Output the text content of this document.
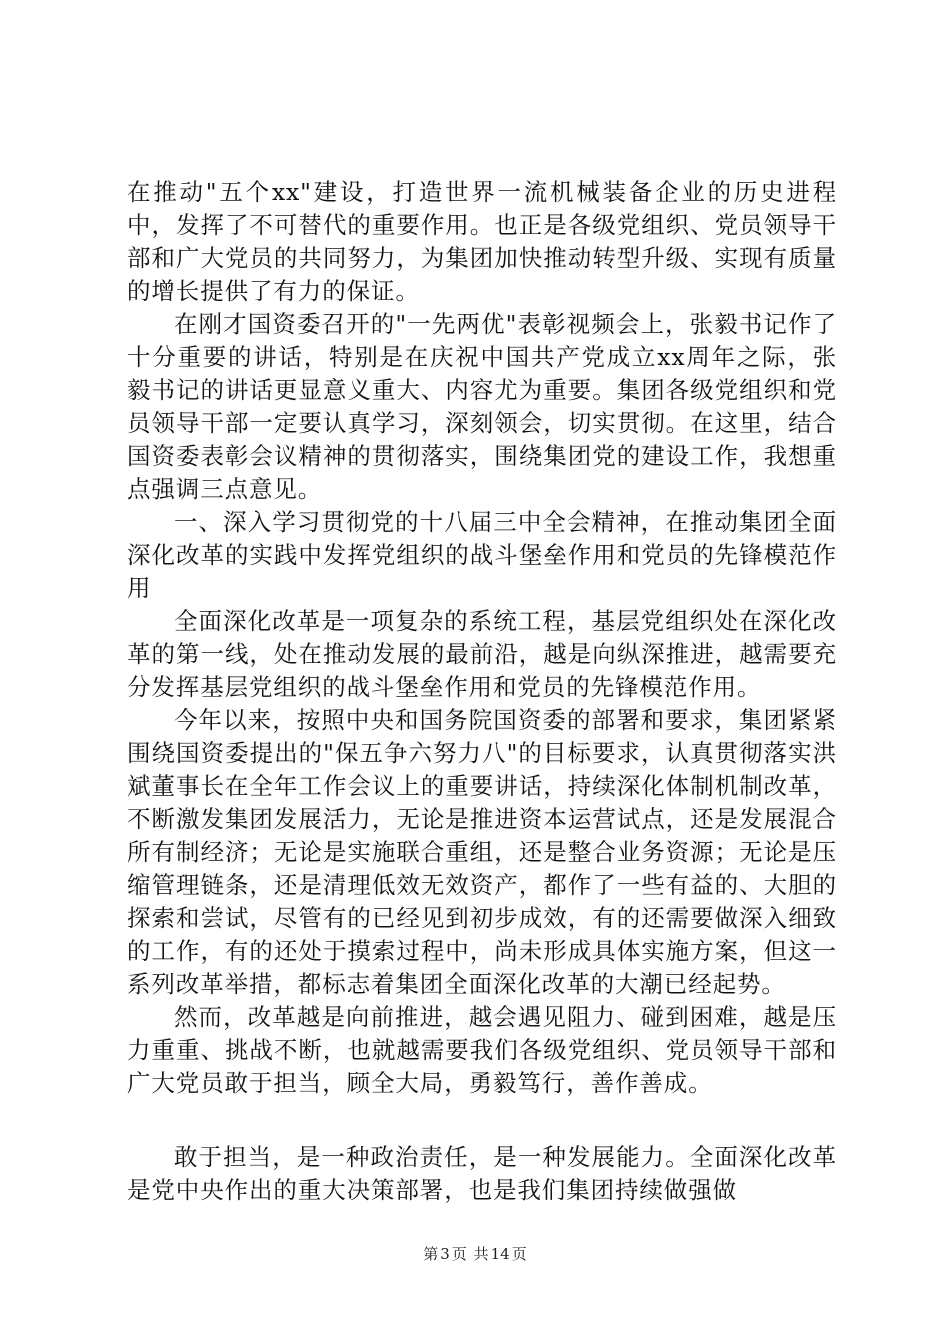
在推动"五个xx"建设，打造世界一流机械装备企业的历史进程中，发挥了不可替代的重要作用。也正是各级党组织、党员领导干部和广大党员的共同努力，为集团加快推动转型升级、实现有质量的增长提供了有力的保证。

在刚才国资委召开的"一先两优"表彰视频会上，张毅书记作了十分重要的讲话，特别是在庆祝中国共产党成立xx周年之际，张毅书记的讲话更显意义重大、内容尤为重要。集团各级党组织和党员领导干部一定要认真学习，深刻领会，切实贯彻。在这里，结合国资委表彰会议精神的贯彻落实，围绕集团党的建设工作，我想重点强调三点意见。

一、深入学习贯彻党的十八届三中全会精神，在推动集团全面深化改革的实践中发挥党组织的战斗堡垒作用和党员的先锋模范作用

全面深化改革是一项复杂的系统工程，基层党组织处在深化改革的第一线，处在推动发展的最前沿，越是向纵深推进，越需要充分发挥基层党组织的战斗堡垒作用和党员的先锋模范作用。

今年以来，按照中央和国务院国资委的部署和要求，集团紧紧围绕国资委提出的"保五争六努力八"的目标要求，认真贯彻落实洪斌董事长在全年工作会议上的重要讲话，持续深化体制机制改革，不断激发集团发展活力，无论是推进资本运营试点，还是发展混合所有制经济；无论是实施联合重组，还是整合业务资源；无论是压缩管理链条，还是清理低效无效资产，都作了一些有益的、大胆的探索和尝试，尽管有的已经见到初步成效，有的还需要做深入细致的工作，有的还处于摸索过程中，尚未形成具体实施方案，但这一系列改革举措，都标志着集团全面深化改革的大潮已经起势。

然而，改革越是向前推进，越会遇见阻力、碰到困难，越是压力重重、挑战不断，也就越需要我们各级党组织、党员领导干部和广大党员敢于担当，顾全大局，勇毅笃行，善作善成。

敢于担当，是一种政治责任，是一种发展能力。全面深化改革是党中央作出的重大决策部署，也是我们集团持续做强做

第 3 页 共 14 页
